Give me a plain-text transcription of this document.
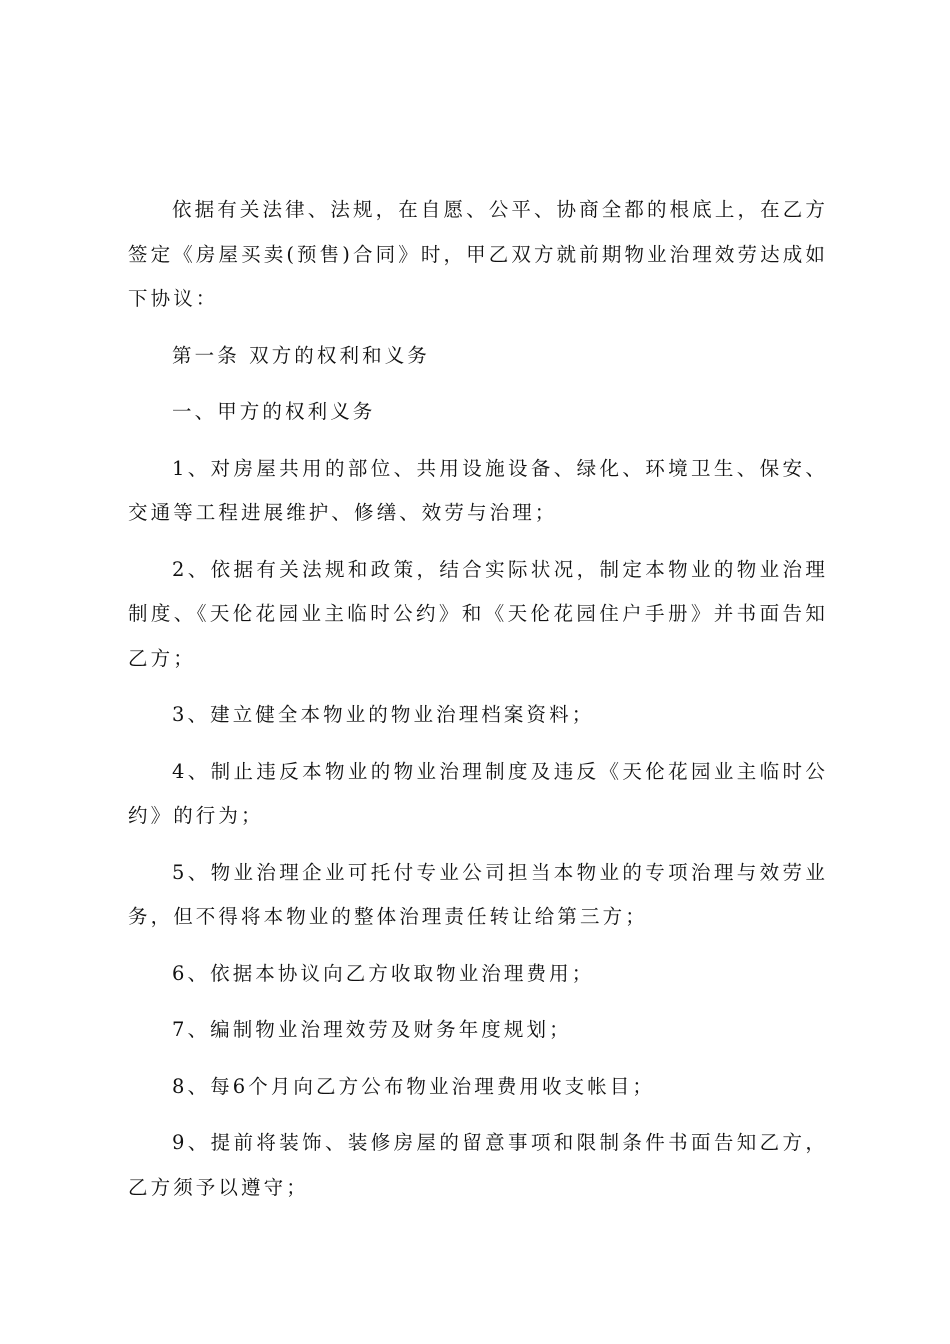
依据有关法律、法规，在自愿、公平、协商全都的根底上，在乙方签定《房屋买卖(预售)合同》时，甲乙双方就前期物业治理效劳达成如下协议：

第一条 双方的权利和义务

一、甲方的权利义务

1、对房屋共用的部位、共用设施设备、绿化、环境卫生、保安、交通等工程进展维护、修缮、效劳与治理；

2、依据有关法规和政策，结合实际状况，制定本物业的物业治理制度、《天伦花园业主临时公约》和《天伦花园住户手册》并书面告知乙方；

3、建立健全本物业的物业治理档案资料；

4、制止违反本物业的物业治理制度及违反《天伦花园业主临时公约》的行为；

5、物业治理企业可托付专业公司担当本物业的专项治理与效劳业务，但不得将本物业的整体治理责任转让给第三方；

6、依据本协议向乙方收取物业治理费用；

7、编制物业治理效劳及财务年度规划；

8、每6个月向乙方公布物业治理费用收支帐目；

9、提前将装饰、装修房屋的留意事项和限制条件书面告知乙方，乙方须予以遵守；
